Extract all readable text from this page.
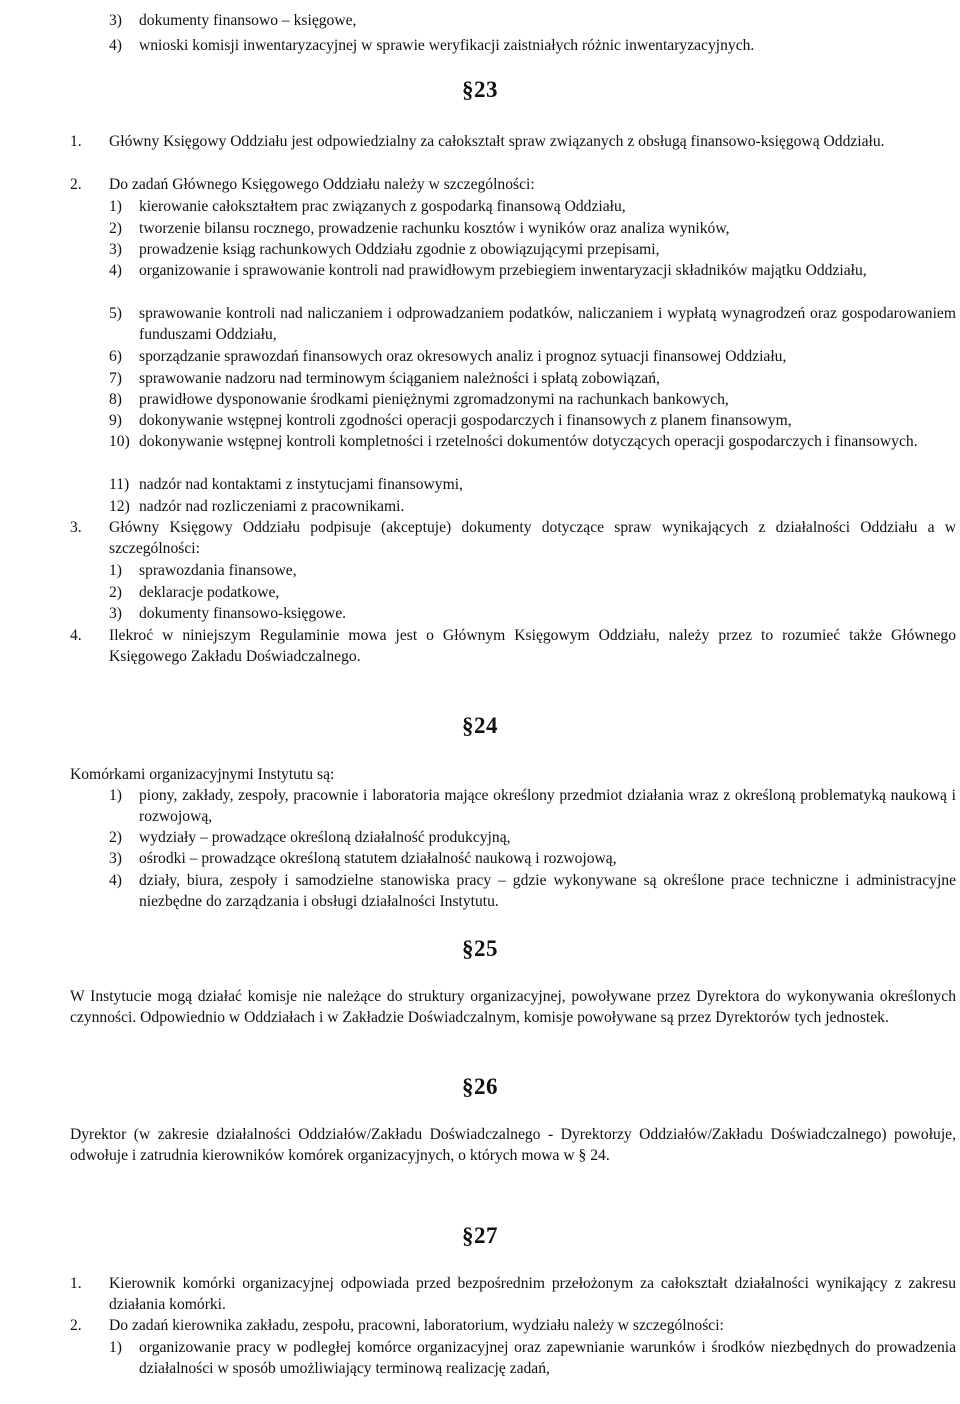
3) dokumenty finansowo – księgowe,
4) wnioski komisji inwentaryzacyjnej w sprawie weryfikacji zaistniałych różnic inwentaryzacyjnych.
§23
1. Główny Księgowy Oddziału jest odpowiedzialny za całokształt spraw związanych z obsługą finansowo-księgową Oddziału.
2. Do zadań Głównego Księgowego Oddziału należy w szczególności:
1) kierowanie całokształtem prac związanych z gospodarką finansową Oddziału,
2) tworzenie bilansu rocznego, prowadzenie rachunku kosztów i wyników oraz analiza wyników,
3) prowadzenie ksiąg rachunkowych Oddziału zgodnie z obowiązującymi przepisami,
4) organizowanie i sprawowanie kontroli nad prawidłowym przebiegiem inwentaryzacji składników majątku Oddziału,
5) sprawowanie kontroli nad naliczaniem i odprowadzaniem podatków, naliczaniem i wypłatą wynagrodzeń oraz gospodarowaniem funduszami Oddziału,
6) sporządzanie sprawozdań finansowych oraz okresowych analiz i prognoz sytuacji finansowej Oddziału,
7) sprawowanie nadzoru nad terminowym ściąganiem należności i spłatą zobowiązań,
8) prawidłowe dysponowanie środkami pieniężnymi zgromadzonymi na rachunkach bankowych,
9) dokonywanie wstępnej kontroli zgodności operacji gospodarczych i finansowych z planem finansowym,
10) dokonywanie wstępnej kontroli kompletności i rzetelności dokumentów dotyczących operacji gospodarczych i finansowych.
11) nadzór nad kontaktami z instytucjami finansowymi,
12) nadzór nad rozliczeniami z pracownikami.
3. Główny Księgowy Oddziału podpisuje (akceptuje) dokumenty dotyczące spraw wynikających z działalności Oddziału a w szczególności:
1) sprawozdania finansowe,
2) deklaracje podatkowe,
3) dokumenty finansowo-księgowe.
4. Ilekroć w niniejszym Regulaminie mowa jest o Głównym Księgowym Oddziału, należy przez to rozumieć także Głównego Księgowego Zakładu Doświadczalnego.
§24

Komórkami organizacyjnymi Instytutu są:

1) piony, zakłady, zespoły, pracownie i laboratoria mające określony przedmiot działania wraz z określoną problematyką naukową i rozwojową,
2) wydziały – prowadzące określoną działalność produkcyjną,
3) ośrodki – prowadzące określoną statutem działalność naukową i rozwojową,
4) działy, biura, zespoły i samodzielne stanowiska pracy – gdzie wykonywane są określone prace techniczne i administracyjne niezbędne do zarządzania i obsługi działalności Instytutu.
§25

W Instytucie mogą działać komisje nie należące do struktury organizacyjnej, powoływane przez Dyrektora do wykonywania określonych czynności. Odpowiednio w Oddziałach i w Zakładzie Doświadczalnym, komisje powoływane są przez Dyrektorów tych jednostek.

§26

Dyrektor (w zakresie działalności Oddziałów/Zakładu Doświadczalnego - Dyrektorzy Oddziałów/Zakładu Doświadczalnego) powołuje, odwołuje i zatrudnia kierowników komórek organizacyjnych, o których mowa w § 24.

§27
1. Kierownik komórki organizacyjnej odpowiada przed bezpośrednim przełożonym za całokształt działalności wynikający z zakresu działania komórki.
2. Do zadań kierownika zakładu, zespołu, pracowni, laboratorium, wydziału należy w szczególności:
1) organizowanie pracy w podległej komórce organizacyjnej oraz zapewnianie warunków i środków niezbędnych do prowadzenia działalności w sposób umożliwiający terminową realizację zadań,
